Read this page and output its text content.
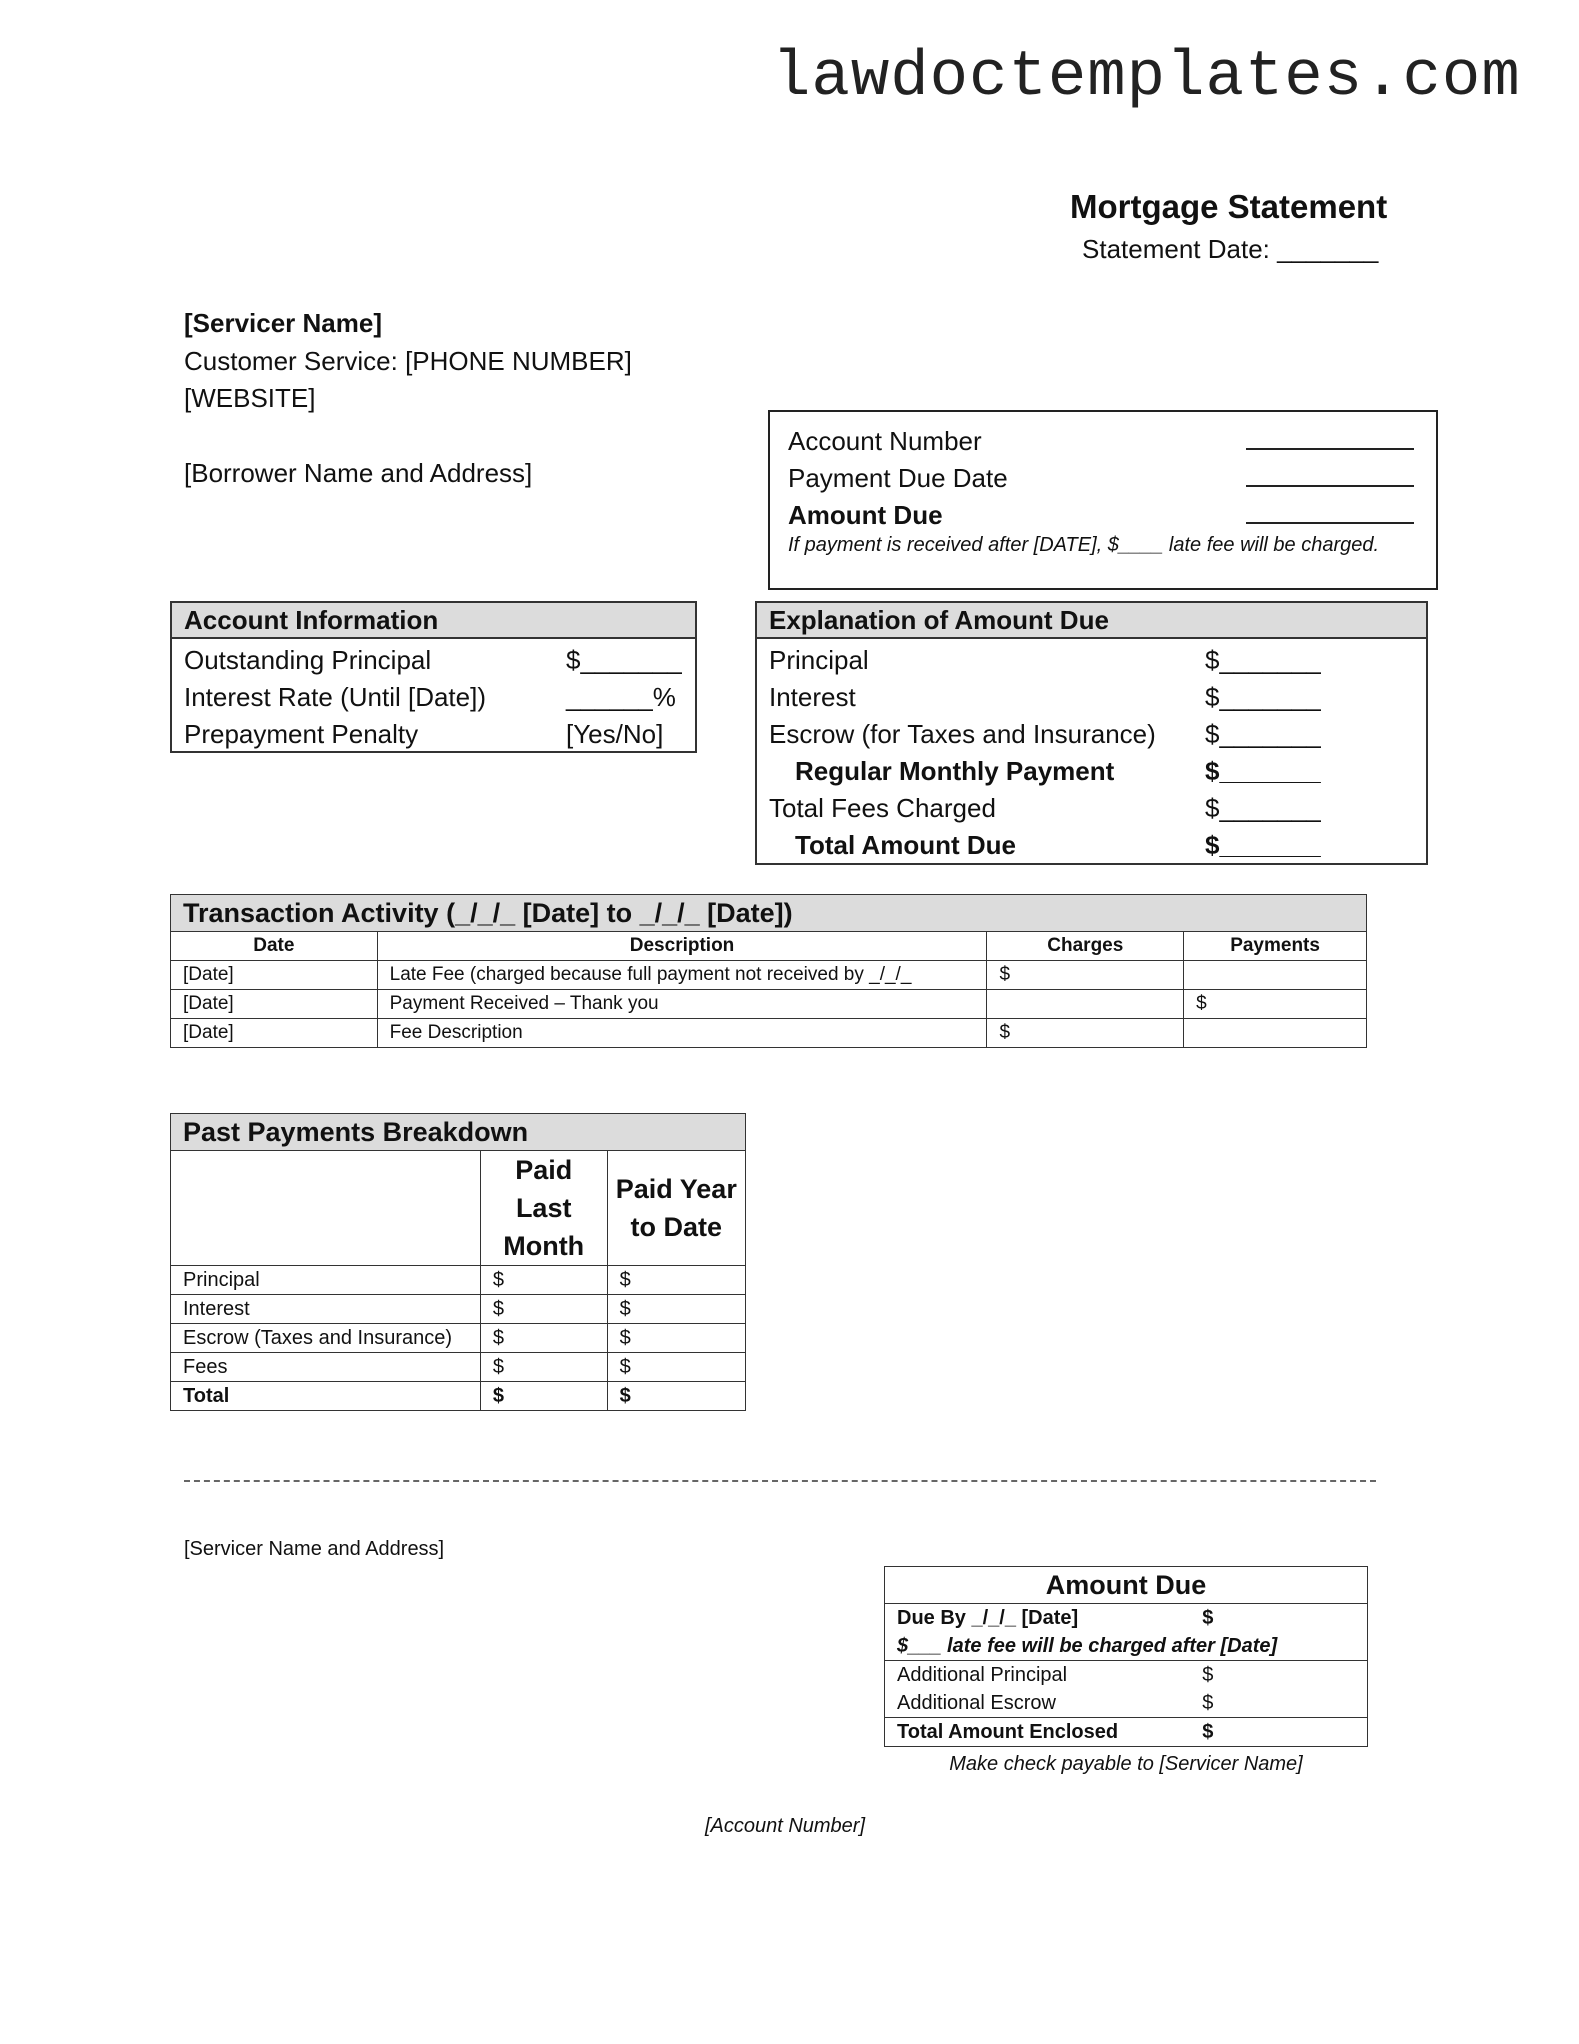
lawdoctemplates.com
Mortgage Statement
Statement Date: _______
[Servicer Name]
Customer Service: [PHONE NUMBER]
[WEBSITE]
[Borrower Name and Address]
Account Number
Payment Due Date
Amount Due
If payment is received after [DATE], $____ late fee will be charged.
Account Information
Outstanding Principal	$_______
Interest Rate (Until [Date])	______%
Prepayment Penalty	[Yes/No]
Explanation of Amount Due
Principal	$_______
Interest	$_______
Escrow (for Taxes and Insurance) $_______
Regular Monthly Payment	$_______
Total Fees Charged	$_______
Total Amount Due	$_______
Transaction Activity (_/_/_ [Date] to _/_/_ [Date])			
Date	Description	Charges	Payments
[Date]	Late Fee (charged because full payment not received by _/_/_	$	
[Date]	Payment Received – Thank you		$
[Date]	Fee Description	$	
Past Payments Breakdown		
	Paid Last Month	Paid Year to Date
Principal	$	$
Interest	$	$
Escrow (Taxes and Insurance)	$	$
Fees	$	$
Total	$	$
[Servicer Name and Address]
Amount Due	
Due By _/_/_ [Date]	$
$___ late fee will be charged after [Date]	
Additional Principal	$
Additional Escrow	$
Total Amount Enclosed	$
Make check payable to [Servicer Name]
[Account Number]
